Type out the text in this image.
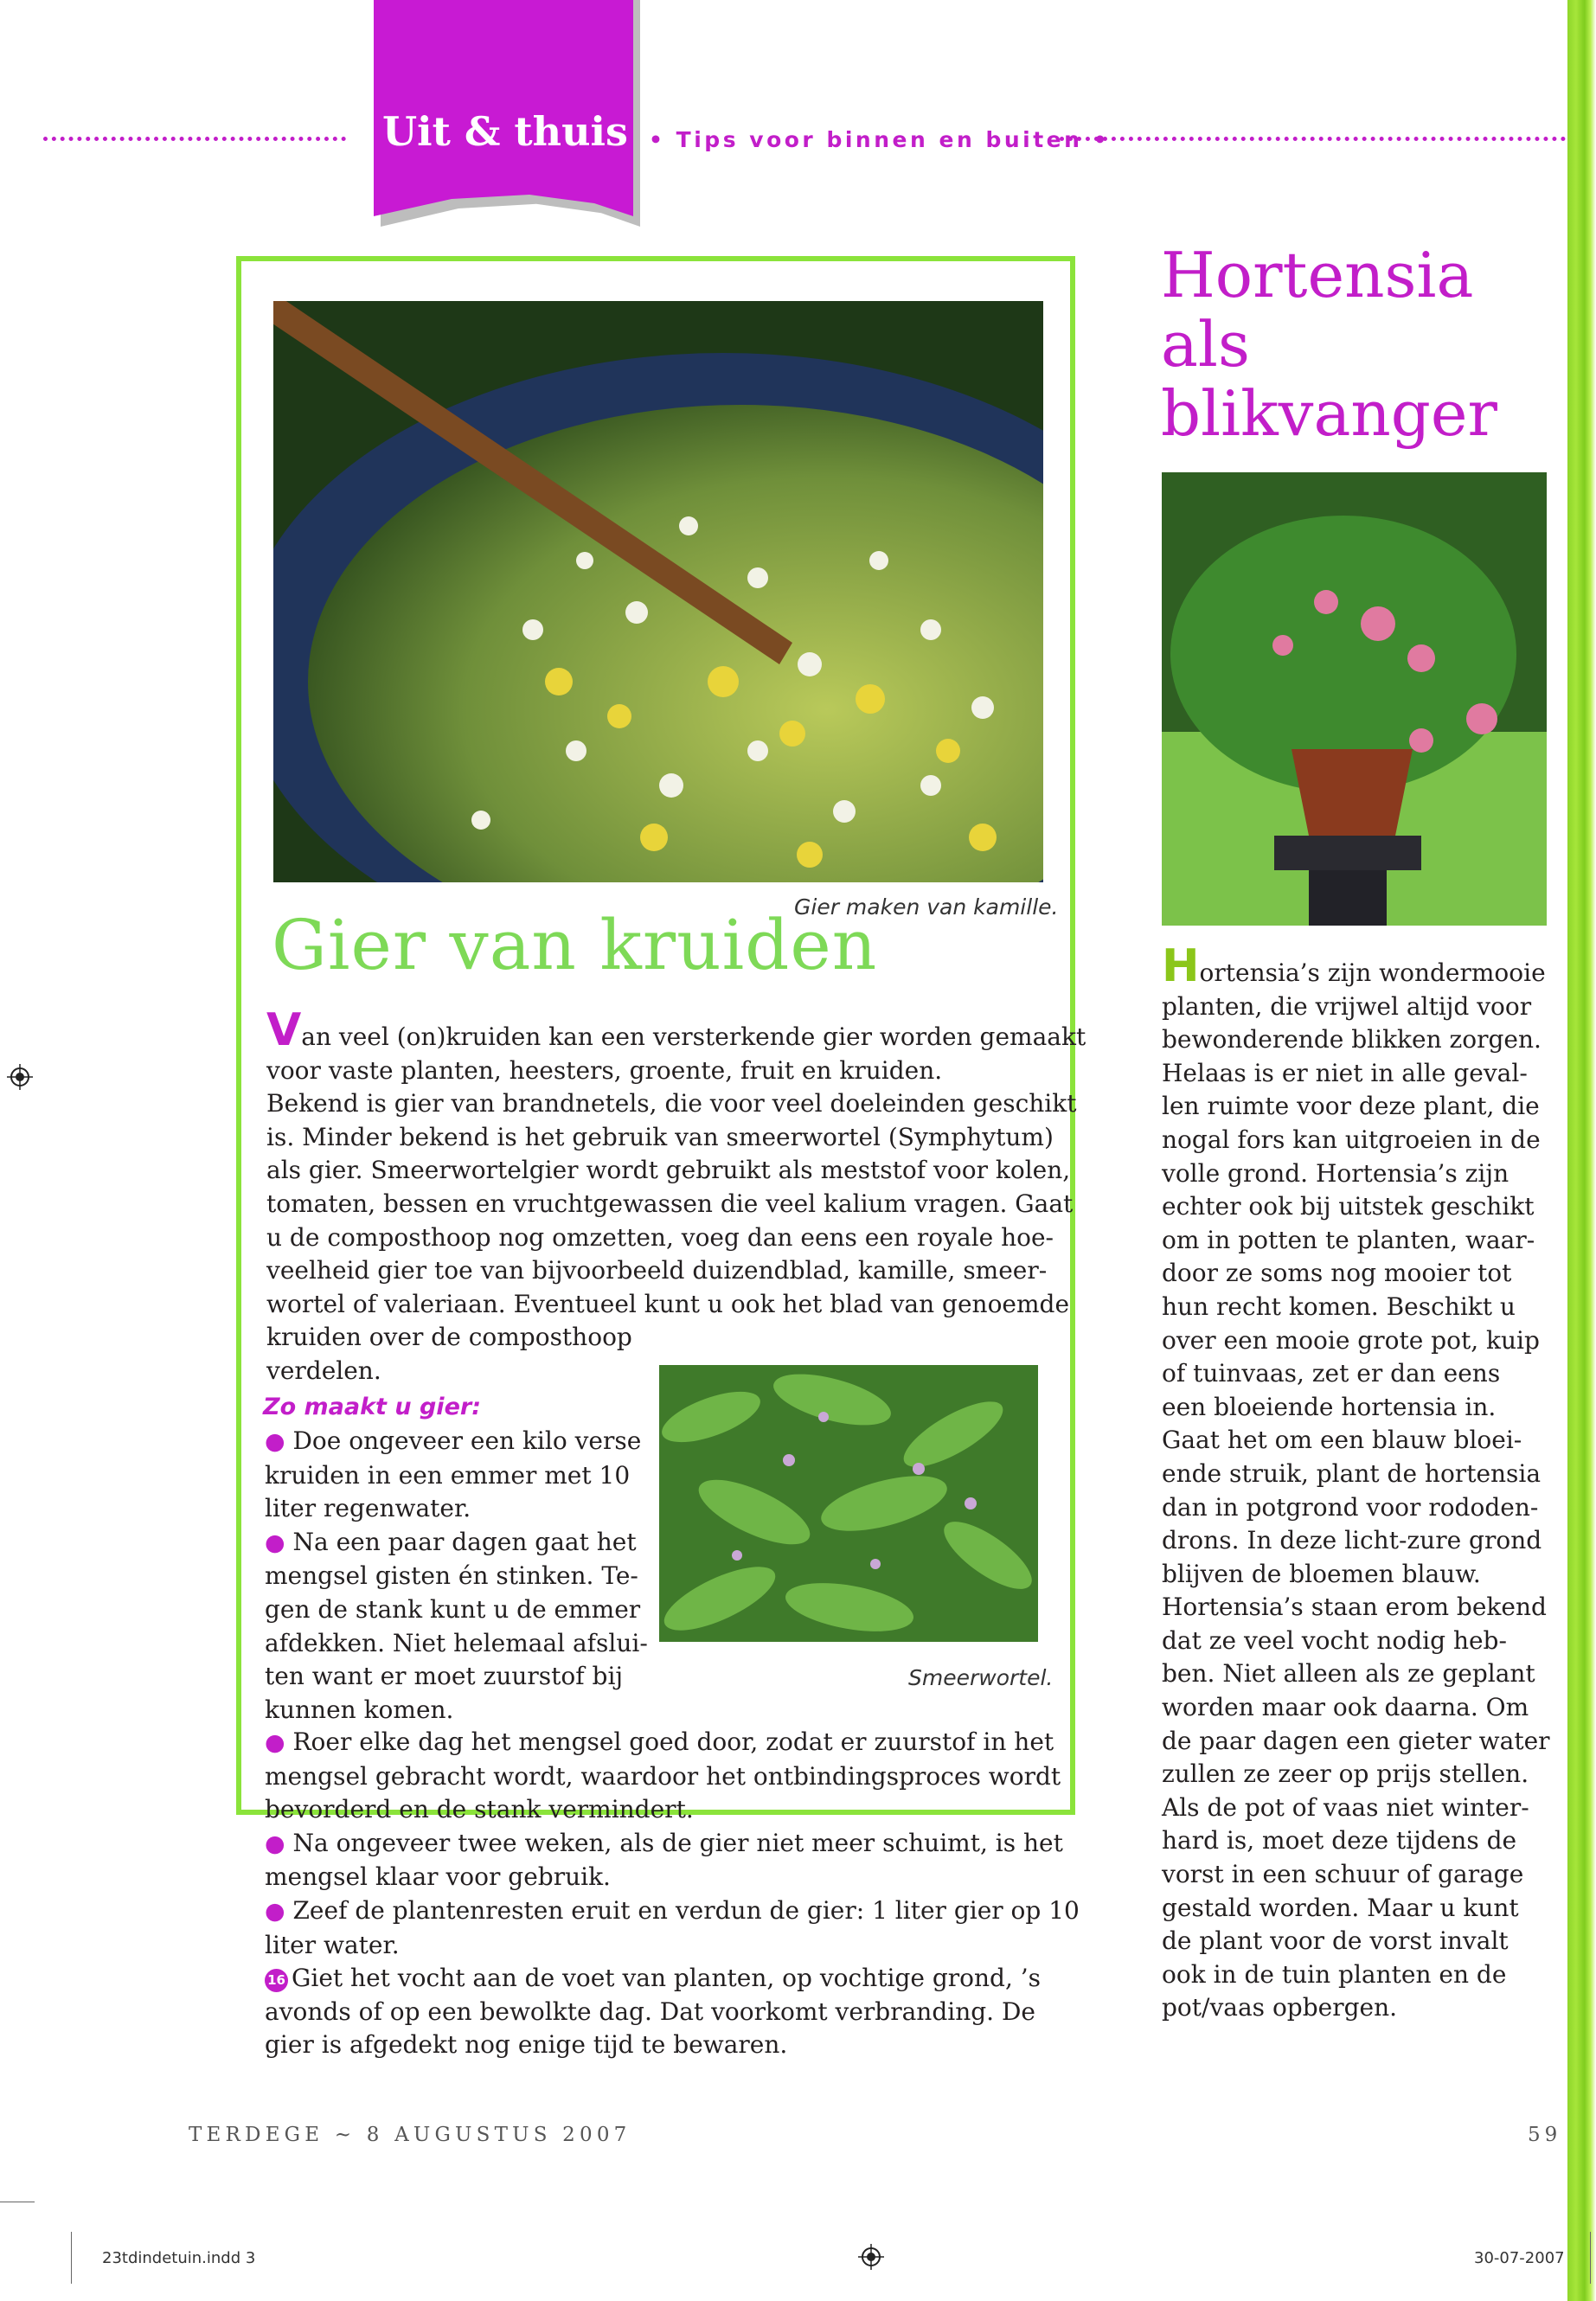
Uit & thuis • Tips voor binnen en buiten •
Gier maken van kamille.
Gier van kruiden
Van veel (on)kruiden kan een versterkende gier worden gemaakt
voor vaste planten, heesters, groente, fruit en kruiden.
Bekend is gier van brandnetels, die voor veel doeleinden geschikt
is. Minder bekend is het gebruik van smeerwortel (Symphytum)
als gier. Smeerwortelgier wordt gebruikt als meststof voor kolen,
tomaten, bessen en vruchtgewassen die veel kalium vragen. Gaat
u de composthoop nog omzetten, voeg dan eens een royale hoe-
veelheid gier toe van bijvoorbeeld duizendblad, kamille, smeer-
wortel of valeriaan. Eventueel kunt u ook het blad van genoemde
kruiden over de composthoop
verdelen.
Smeerwortel.
Zo maakt u gier:
● Doe ongeveer een kilo verse
kruiden in een emmer met 10
liter regenwater.
● Na een paar dagen gaat het
mengsel gisten én stinken. Te-
gen de stank kunt u de emmer
afdekken. Niet helemaal afslui-
ten want er moet zuurstof bij
kunnen komen.
● Roer elke dag het mengsel goed door, zodat er zuurstof in het
mengsel gebracht wordt, waardoor het ontbindingsproces wordt
bevorderd en de stank vermindert.
● Na ongeveer twee weken, als de gier niet meer schuimt, is het
mengsel klaar voor gebruik.
● Zeef de plantenresten eruit en verdun de gier: 1 liter gier op 10
liter water.
16 Giet het vocht aan de voet van planten, op vochtige grond, ’s
avonds of op een bewolkte dag. Dat voorkomt verbranding. De
gier is afgedekt nog enige tijd te bewaren.
Hortensia
als
blikvanger
Hortensia’s zijn wondermooie
planten, die vrijwel altijd voor
bewonderende blikken zorgen.
Helaas is er niet in alle geval-
len ruimte voor deze plant, die
nogal fors kan uitgroeien in de
volle grond. Hortensia’s zijn
echter ook bij uitstek geschikt
om in potten te planten, waar-
door ze soms nog mooier tot
hun recht komen. Beschikt u
over een mooie grote pot, kuip
of tuinvaas, zet er dan eens
een bloeiende hortensia in.
Gaat het om een blauw bloei-
ende struik, plant de hortensia
dan in potgrond voor rododen-
drons. In deze licht-zure grond
blijven de bloemen blauw.
Hortensia’s staan erom bekend
dat ze veel vocht nodig heb-
ben. Niet alleen als ze geplant
worden maar ook daarna. Om
de paar dagen een gieter water
zullen ze zeer op prijs stellen.
Als de pot of vaas niet winter-
hard is, moet deze tijdens de
vorst in een schuur of garage
gestald worden. Maar u kunt
de plant voor de vorst invalt
ook in de tuin planten en de
pot/vaas opbergen.
TERDEGE ~ 8 AUGUSTUS 2007	59
23tdindetuin.indd 3	30-07-2007
